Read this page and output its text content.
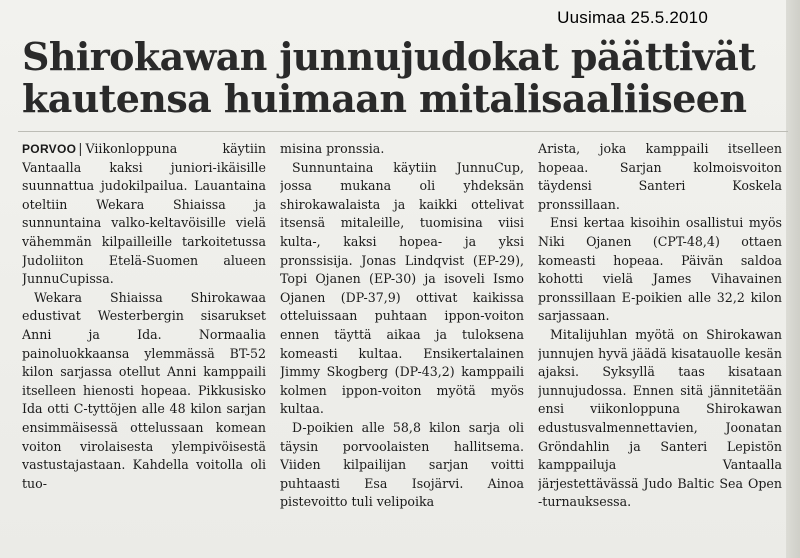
Uusimaa 25.5.2010
Shirokawan junnujudokat päättivät
kautensa huimaan mitalisaaliiseen

PORVOO | Viikonloppuna käytiin Vantaalla kaksi juniori-ikäisille suunnattua judokilpailua. Lauantaina oteltiin Wekara Shiaissa ja sunnuntaina valko-keltavöisille vielä vähemmän kilpailleille tarkoitetussa Judoliiton Etelä-Suomen alueen JunnuCupissa.

Wekara Shiaissa Shirokawaa edustivat Westerbergin sisarukset Anni ja Ida. Normaalia painoluokkaansa ylemmässä BT-52 kilon sarjassa otellut Anni kamppaili itselleen hienosti hopeaa. Pikkusisko Ida otti C-tyttöjen alle 48 kilon sarjan ensimmäisessä ottelussaan komean voiton virolaisesta ylempivöisestä vastustajastaan. Kahdella voitolla oli tuo-

misina pronssia.

Sunnuntaina käytiin JunnuCup, jossa mukana oli yhdeksän shirokawalaista ja kaikki ottelivat itsensä mitaleille, tuomisina viisi kulta-, kaksi hopea- ja yksi pronssisija. Jonas Lindqvist (EP-29), Topi Ojanen (EP-30) ja isoveli Ismo Ojanen (DP-37,9) ottivat kaikissa otteluissaan puhtaan ippon-voiton ennen täyttä aikaa ja tuloksena komeasti kultaa. Ensikertalainen Jimmy Skogberg (DP-43,2) kamppaili kolmen ippon-voiton myötä myös kultaa.

D-poikien alle 58,8 kilon sarja oli täysin porvoolaisten hallitsema. Viiden kilpailijan sarjan voitti puhtaasti Esa Isojärvi. Ainoa pistevoitto tuli velipoika

Arista, joka kamppaili itselleen hopeaa. Sarjan kolmoisvoiton täydensi Santeri Koskela pronssillaan.

Ensi kertaa kisoihin osallistui myös Niki Ojanen (CPT-48,4) ottaen komeasti hopeaa. Päivän saldoa kohotti vielä James Vihavainen pronssillaan E-poikien alle 32,2 kilon sarjassaan.

Mitalijuhlan myötä on Shirokawan junnujen hyvä jäädä kisatauolle kesän ajaksi. Syksyllä taas kisataan junnujudossa. Ennen sitä jännitetään ensi viikonloppuna Shirokawan edustusvalmennettavien, Joonatan Gröndahlin ja Santeri Lepistön kamppailuja Vantaalla järjestettävässä Judo Baltic Sea Open -turnauksessa.
